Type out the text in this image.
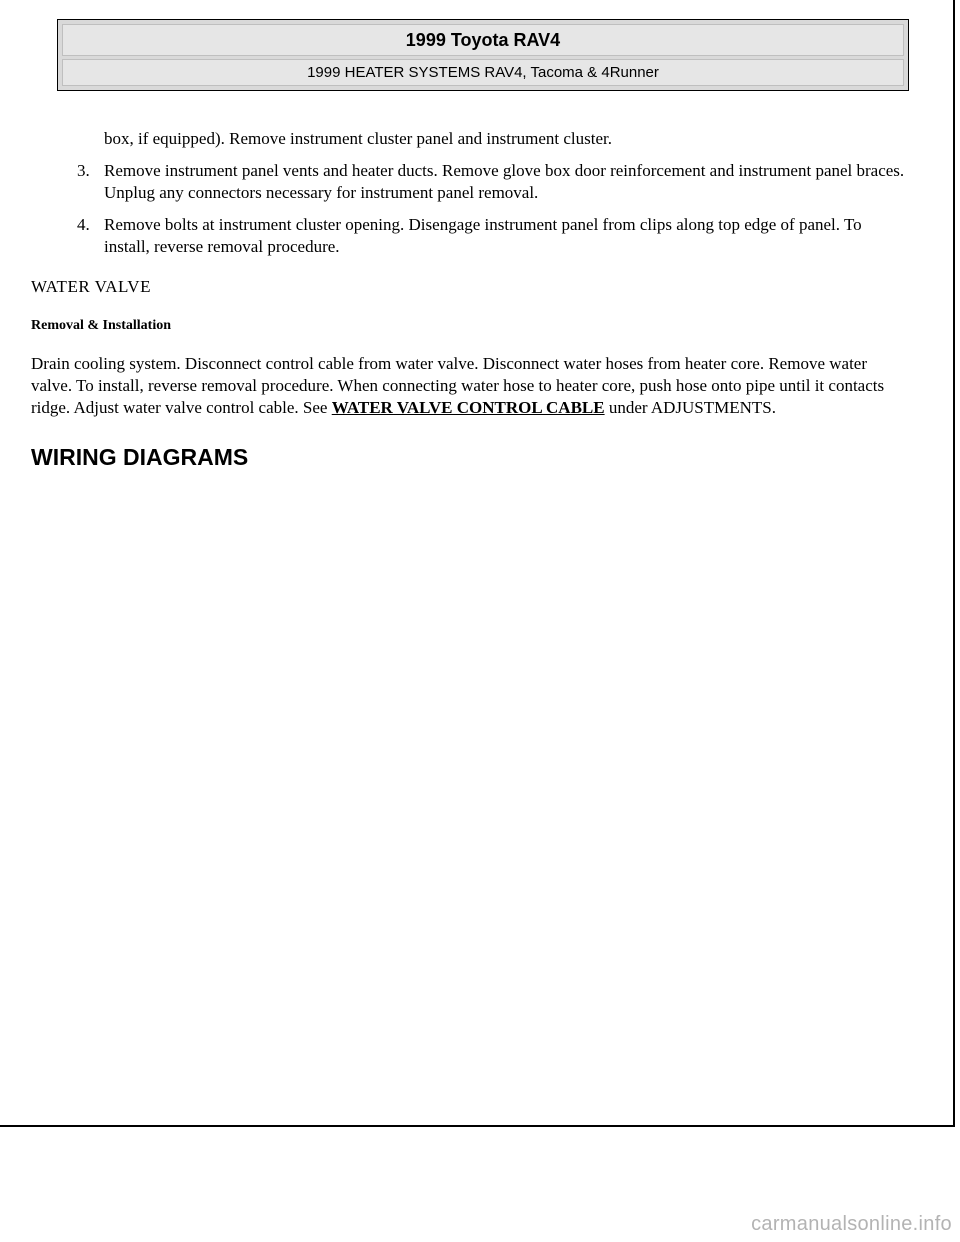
1999 Toyota RAV4
1999 HEATER SYSTEMS RAV4, Tacoma & 4Runner

box, if equipped). Remove instrument cluster panel and instrument cluster.

3. Remove instrument panel vents and heater ducts. Remove glove box door reinforcement and instrument panel braces. Unplug any connectors necessary for instrument panel removal.
4. Remove bolts at instrument cluster opening. Disengage instrument panel from clips along top edge of panel. To install, reverse removal procedure.
WATER VALVE
Removal & Installation

Drain cooling system. Disconnect control cable from water valve. Disconnect water hoses from heater core. Remove water valve. To install, reverse removal procedure. When connecting water hose to heater core, push hose onto pipe until it contacts ridge. Adjust water valve control cable. See WATER VALVE CONTROL CABLE under ADJUSTMENTS.

WIRING DIAGRAMS
carmanualsonline.info
